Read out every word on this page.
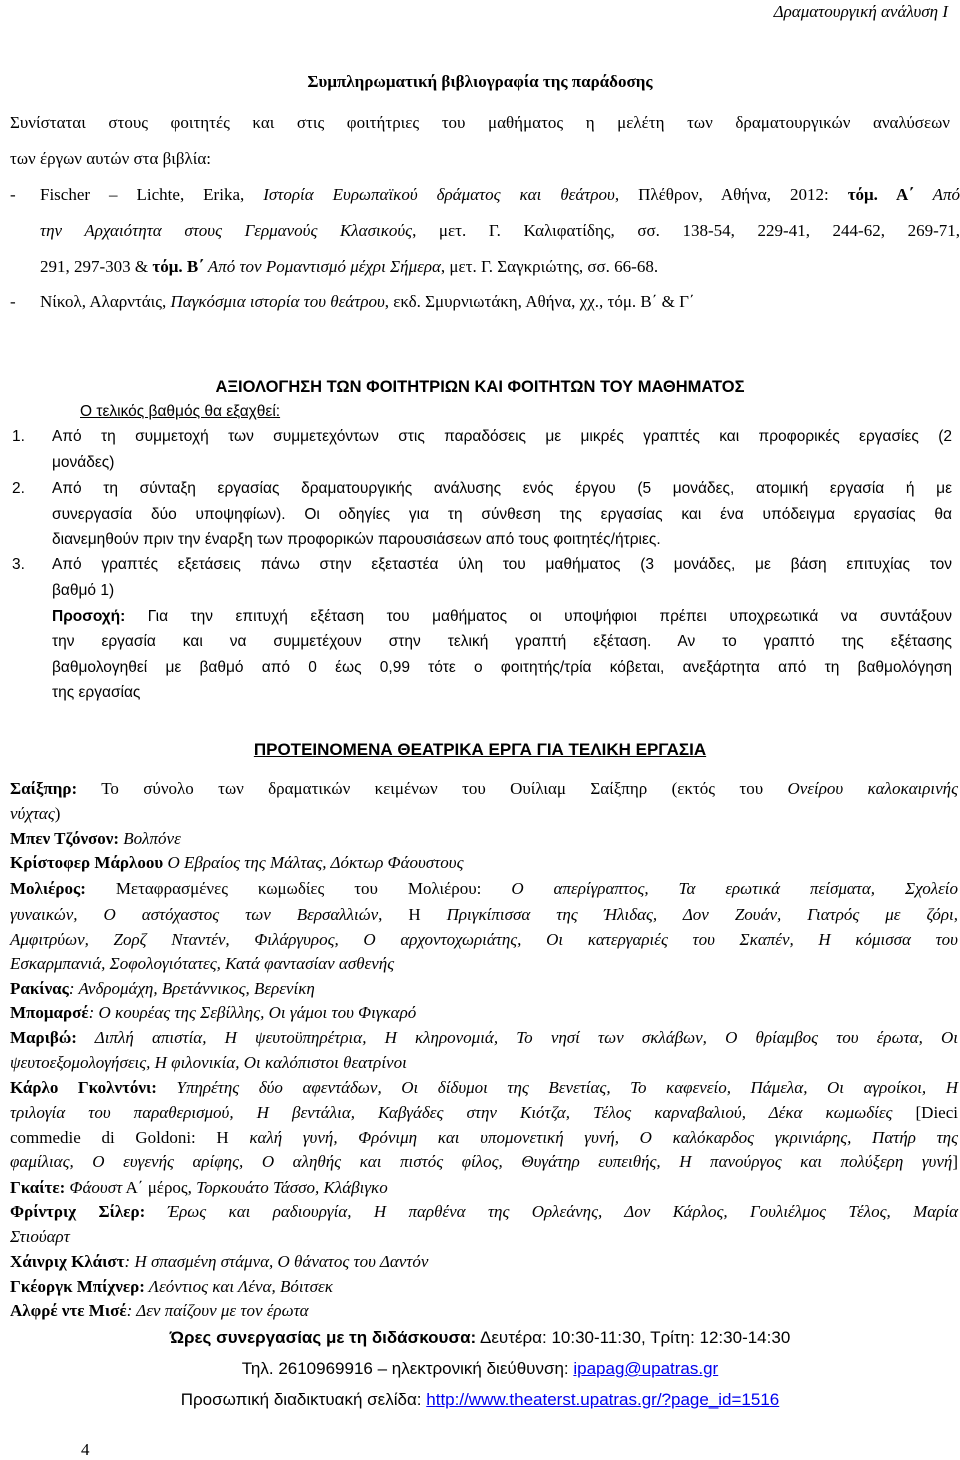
Δραματουργική ανάλυση Ι
Συμπληρωματική βιβλιογραφία της παράδοσης
Συνίσταται στους φοιτητές και στις φοιτήτριες του μαθήματος η μελέτη των δραματουργικών αναλύσεων
των έργων αυτών στα βιβλία:
- Fischer – Lichte, Erika, Ιστορία Ευρωπαϊκού δράματος και θεάτρου, Πλέθρον, Αθήνα, 2012: τόμ. Α΄ Από
την Αρχαιότητα στους Γερμανούς Κλασικούς, μετ. Γ. Καλιφατίδης, σσ. 138-54, 229-41, 244-62, 269-71,
291, 297-303 & τόμ. Β΄ Από τον Ρομαντισμό μέχρι Σήμερα, μετ. Γ. Σαγκριώτης, σσ. 66-68.
- Νίκολ, Αλαρντάις, Παγκόσμια ιστορία του θεάτρου, εκδ. Σμυρνιωτάκη, Αθήνα, χχ., τόμ. Β΄ & Γ΄
ΑΞΙΟΛΟΓΗΣΗ ΤΩΝ ΦΟΙΤΗΤΡΙΩΝ ΚΑΙ ΦΟΙΤΗΤΩΝ ΤΟΥ ΜΑΘΗΜΑΤΟΣ
Ο τελικός βαθμός θα εξαχθεί:
1. Από τη συμμετοχή των συμμετεχόντων στις παραδόσεις με μικρές γραπτές και προφορικές εργασίες (2
μονάδες)
2. Από τη σύνταξη εργασίας δραματουργικής ανάλυσης ενός έργου (5 μονάδες, ατομική εργασία ή με
συνεργασία δύο υποψηφίων). Οι οδηγίες για τη σύνθεση της εργασίας και ένα υπόδειγμα εργασίας θα
διανεμηθούν πριν την έναρξη των προφορικών παρουσιάσεων από τους φοιτητές/ήτριες.
3. Από γραπτές εξετάσεις πάνω στην εξεταστέα ύλη του μαθήματος (3 μονάδες, με βάση επιτυχίας τον
βαθμό 1)
Προσοχή: Για την επιτυχή εξέταση του μαθήματος οι υποψήφιοι πρέπει υποχρεωτικά να συντάξουν
την εργασία και να συμμετέχουν στην τελική γραπτή εξέταση. Αν το γραπτό της εξέτασης
βαθμολογηθεί με βαθμό από 0 έως 0,99 τότε ο φοιτητής/τρία κόβεται, ανεξάρτητα από τη βαθμολόγηση
της εργασίας
ΠΡΟΤΕΙΝΟΜΕΝΑ ΘΕΑΤΡΙΚΑ ΕΡΓΑ ΓΙΑ ΤΕΛΙΚΗ ΕΡΓΑΣΙΑ
Σαίξπηρ: Το σύνολο των δραματικών κειμένων του Ουίλιαμ Σαίξπηρ (εκτός του Ονείρου καλοκαιρινής
νύχτας)
Μπεν Τζόνσον: Βολπόνε
Κρίστοφερ Μάρλοου Ο Εβραίος της Μάλτας, Δόκτωρ Φάουστους
Μολιέρος: Μεταφρασμένες κωμωδίες του Μολιέρου: Ο απερίγραπτος, Τα ερωτικά πείσματα, Σχολείο
γυναικών, Ο αστόχαστος των Βερσαλλιών, Η Πριγκίπισσα της Ήλιδας, Δον Ζουάν, Γιατρός με ζόρι,
Αμφιτρύων, Ζορζ Νταντέν, Φιλάργυρος, Ο αρχοντοχωριάτης, Οι κατεργαριές του Σκαπέν, Η κόμισσα του
Εσκαρμπανιά, Σοφολογιότατες, Κατά φαντασίαν ασθενής
Ρακίνας: Ανδρομάχη, Βρετάννικος, Βερενίκη
Μπομαρσέ: Ο κουρέας της Σεβίλλης, Οι γάμοι του Φιγκαρό
Μαριβώ: Διπλή απιστία, Η ψευτοϋπηρέτρια, Η κληρονομιά, Το νησί των σκλάβων, Ο θρίαμβος του έρωτα, Οι
ψευτοεξομολογήσεις, Η φιλονικία, Οι καλόπιστοι θεατρίνοι
Κάρλο Γκολντόνι: Υπηρέτης δύο αφεντάδων, Οι δίδυμοι της Βενετίας, Το καφενείο, Πάμελα, Οι αγροίκοι, Η
τριλογία του παραθερισμού, Η βεντάλια, Καβγάδες στην Κιότζα, Τέλος καρναβαλιού, Δέκα κωμωδίες [Dieci
commedie di Goldoni: Η καλή γυνή, Φρόνιμη και υπομονετική γυνή, Ο καλόκαρδος γκρινιάρης, Πατήρ της
φαμίλιας, Ο ευγενής αρίφης, Ο αληθής και πιστός φίλος, Θυγάτηρ ευπειθής, Η πανούργος και πολύξερη γυνή]
Γκαίτε: Φάουστ Α΄ μέρος, Τορκουάτο Τάσσο, Κλάβιγκο
Φρίντριχ Σίλερ: Έρως και ραδιουργία, Η παρθένα της Ορλεάνης, Δον Κάρλος, Γουλιέλμος Τέλος, Μαρία
Στιούαρτ
Χάινριχ Κλάιστ: Η σπασμένη στάμνα, Ο θάνατος του Δαντόν
Γκέοργκ Μπίχνερ: Λεόντιος και Λένα, Βόιτσεκ
Αλφρέ ντε Μισέ: Δεν παίζουν με τον έρωτα
Ώρες συνεργασίας με τη διδάσκουσα: Δευτέρα: 10:30-11:30, Τρίτη: 12:30-14:30
Τηλ. 2610969916 – ηλεκτρονική διεύθυνση: ipapag@upatras.gr
Προσωπική διαδικτυακή σελίδα: http://www.theaterst.upatras.gr/?page_id=1516
4
